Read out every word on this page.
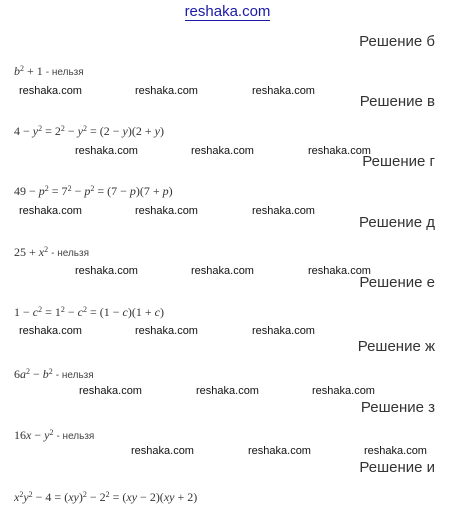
reshaka.com
Решение б
$b^2 + 1$ - нельзя
reshaka.com	reshaka.com	reshaka.com
Решение в
$4 - y^2 = 2^2 - y^2 = (2 - y)(2 + y)$
reshaka.com	reshaka.com	reshaka.com
Решение г
$49 - p^2 = 7^2 - p^2 = (7 - p)(7 + p)$
reshaka.com	reshaka.com	reshaka.com
Решение д
$25 + x^2$ - нельзя
reshaka.com	reshaka.com	reshaka.com
Решение е
$1 - c^2 = 1^2 - c^2 = (1 - c)(1 + c)$
reshaka.com	reshaka.com	reshaka.com
Решение ж
$6a^2 - b^2$ - нельзя
reshaka.com	reshaka.com	reshaka.com
Решение з
$16x - y^2$ - нельзя
reshaka.com	reshaka.com	reshaka.com
Решение и
$x^2y^2 - 4 = (xy)^2 - 2^2 = (xy - 2)(xy + 2)$
